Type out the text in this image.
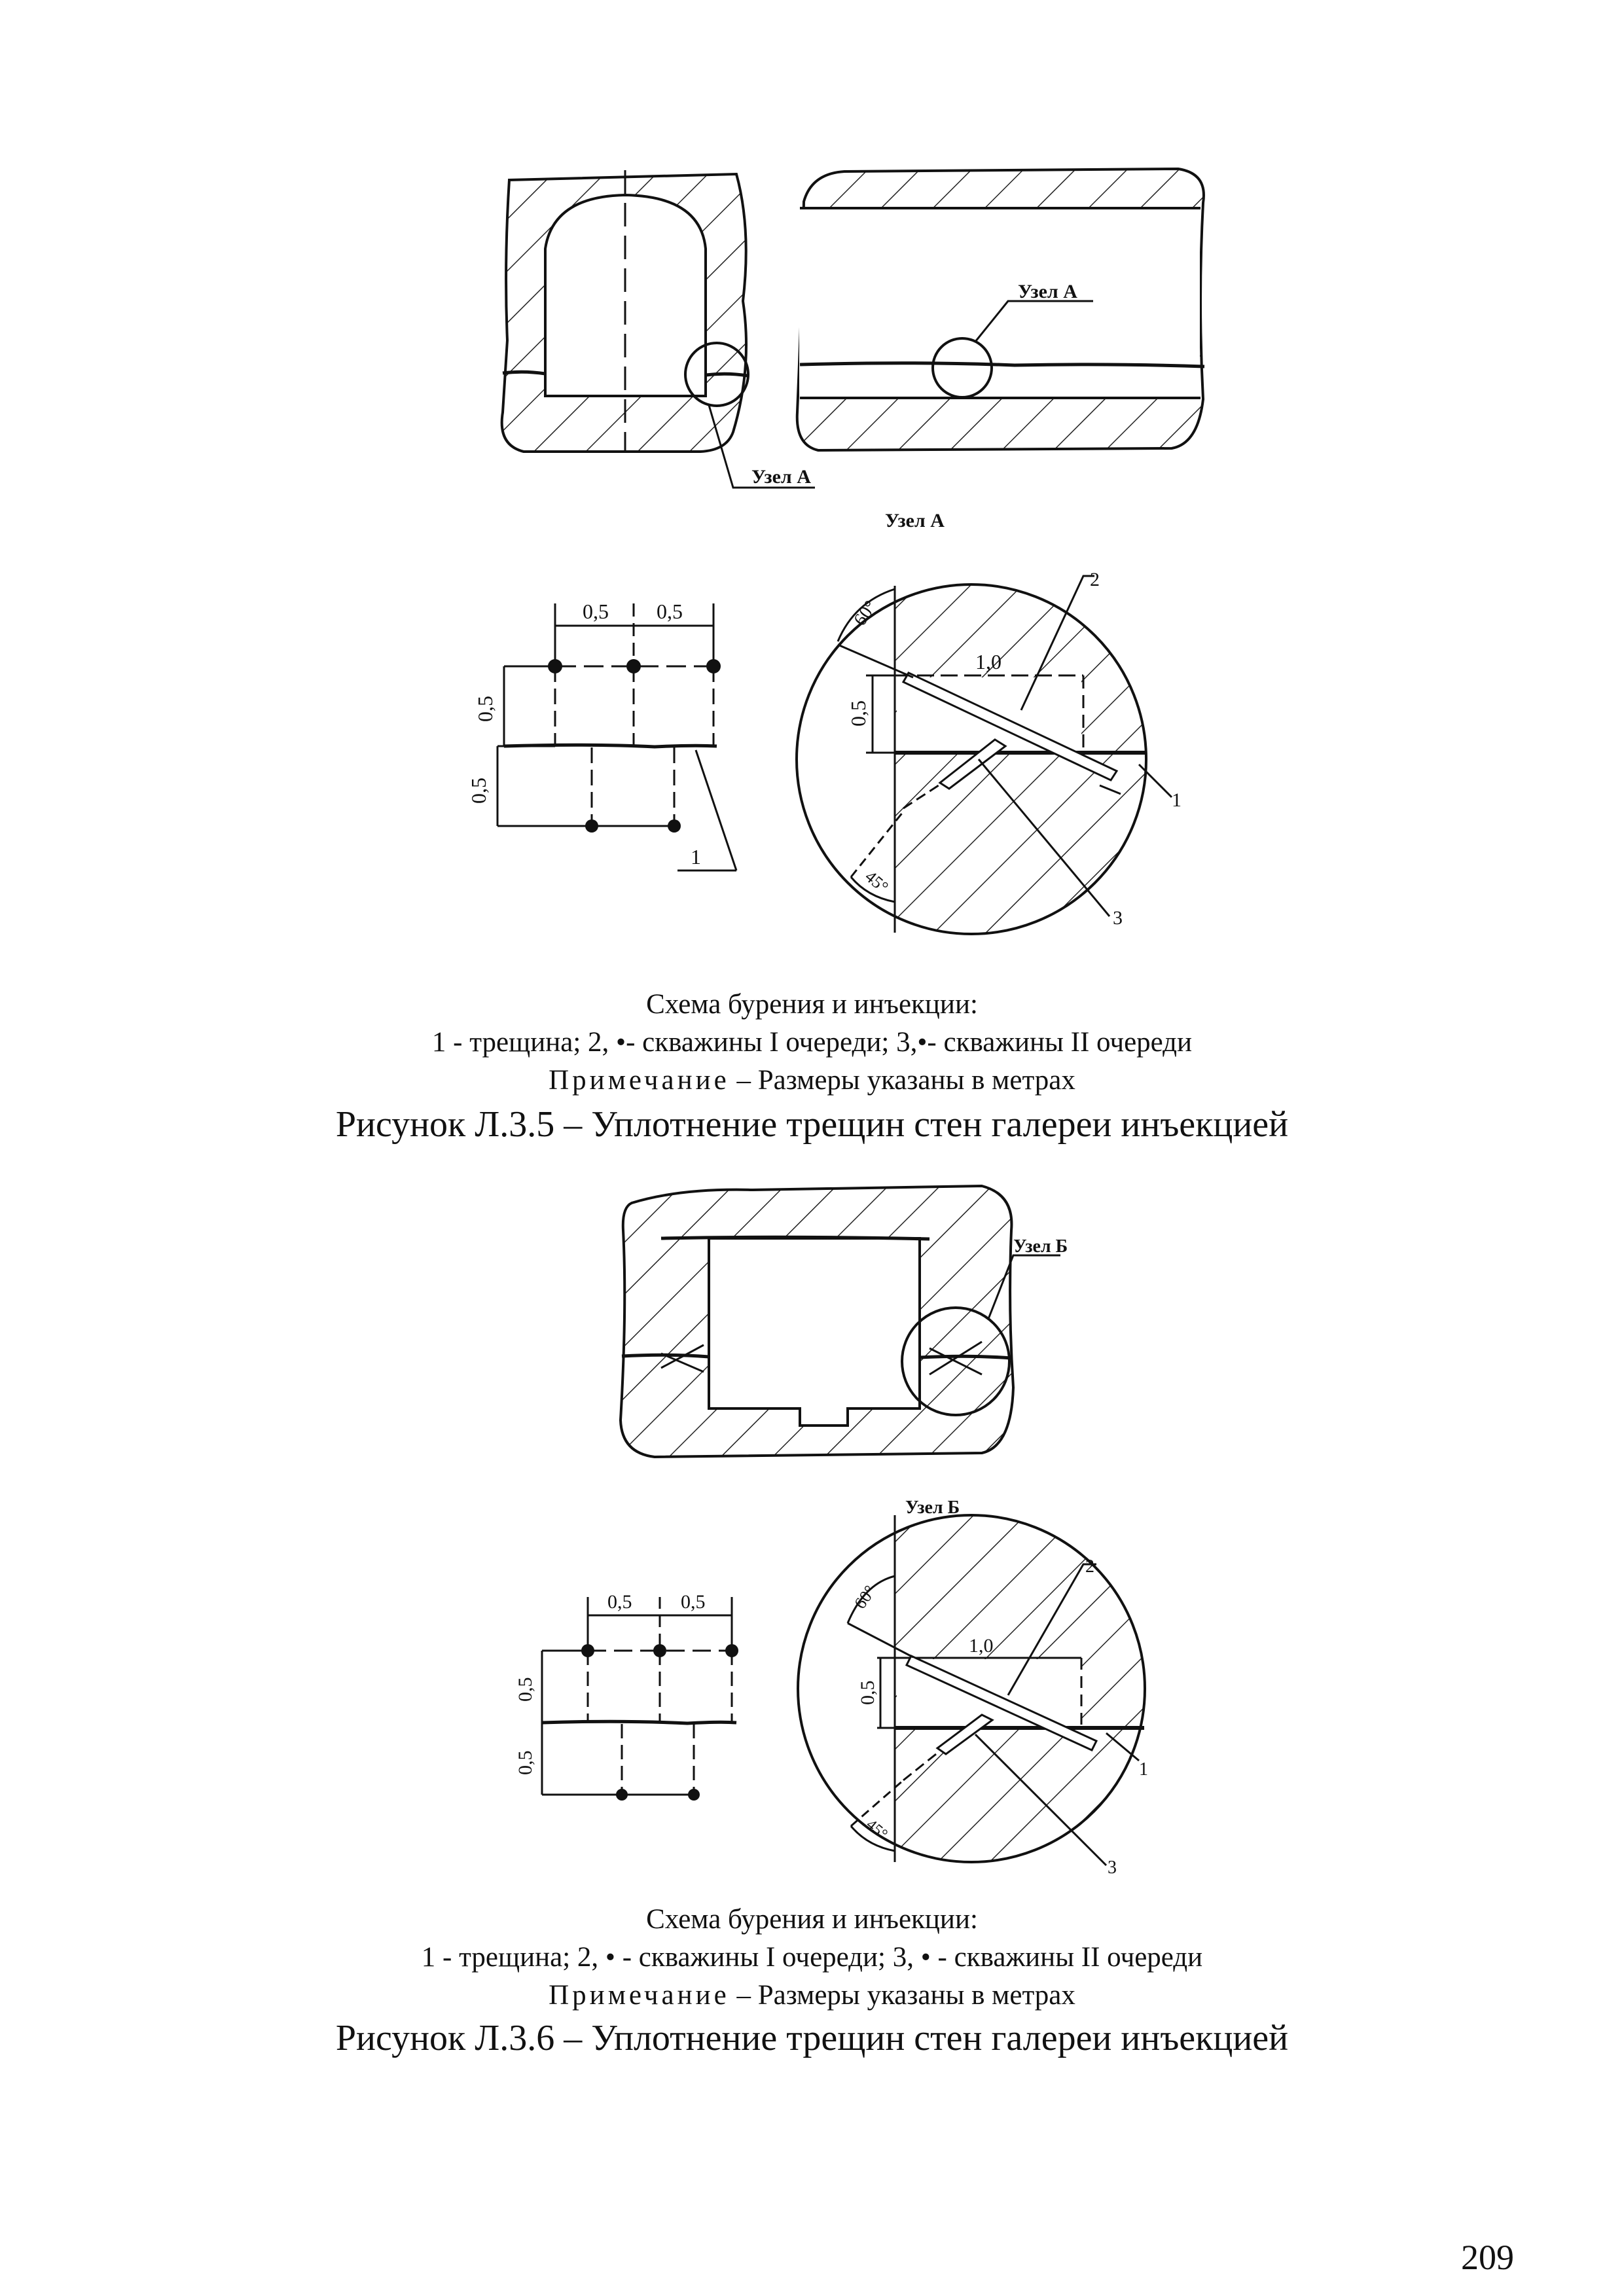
Узел А
Узел А
Узел А
0,5 0,5
0,5
0,5
1
1,0
0,5
60°
45°
2
1
3
Узел Б
Узел Б
0,5 0,5
0,5
0,5
1,0
0,5
60°
45°
2
1
3
Схема бурения и инъекции:
1 - трещина; 2, •- скважины I очереди; 3,•- скважины II очереди
Примечание – Размеры указаны в метрах
Рисунок Л.3.5 – Уплотнение трещин стен галереи инъекцией
Схема бурения и инъекции:
1 - трещина; 2, • - скважины I очереди; 3, • - скважины II очереди
Примечание – Размеры указаны в метрах
Рисунок Л.3.6 – Уплотнение трещин стен галереи инъекцией
209
